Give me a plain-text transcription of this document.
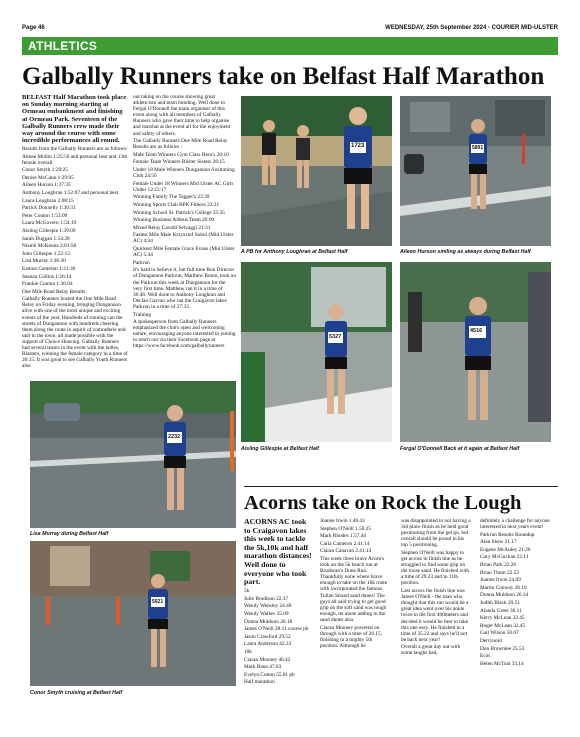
Page 46	WEDNESDAY, 25th September 2024 - COURIER MID-ULSTER
ATHLETICS
Galbally Runners take on Belfast Half Marathon

BELFAST Half Marathon took place on Sunday morning starting at Ormeau embankment and finishing at Ormeau Park. Seventeen of the Galbally Runners crew made their way around the course with some incredible performances all round.

Results from the Galbally Runners are as follows:

Aimee Mullin 1:25:59 and personal best and 13th female overall

Conor Smyth 1:29:25

Denise McCann 1:29:05

Aileen Hurson 1:37:35

Anthony Loughran 1:52:07 and personal best

Laura Loughran 2:08:15

Patrick Donnelly 1:30:31

Peter Conlon 1:53:09

Laura McGovern 1:54:19

Aisling Gillespie 1:39:09

Sarah Duggan 1:54:28

Niamh McKenna 2:01:58

John Gillespie 1:22:12

Lisa Murray 1:36:30

Eamon Cameron 1:21:30

Seanan Collins 1:26:14

Frankie Conlon 1:36:04

One Mile Road Relay Results

Galbally Runners hosted the One Mile Road Relay on Friday evening, bringing Dungannon alive with one of the most unique and exciting events of the year. Hundreds of running can the streets of Dungannon with hundreds cheering them along the route in aspirit of comraderie and unit in the town, all made possible with the support of Choice Housing. Galbally Runners had several teams in the event with the ladies, Blasters, winning the female category in a time of 26:15. It was great to see Galbally Youth Runners also

out taking on the course showing great athleticism and team bonding. Well done to Fergal O'Donnell the main organiser of this event along with all members of Galbally Runners who gave their time to help organise and marshal at the event all for the enjoyment and safety of others.

The Galbally Runners One Mile Road Relay Results are as follows :

Male Team Winners Gym Class Hero's 20:10

Female Team Winners Blister Sisters 26:15

Under 18 Male Winners Dungannon Swimming Club 24:56

Female Under 18 Winners Mid Ulster AC Girls Under 12 23:17

Winning Family The Tagger's 23:39

Winning Sports Club BPK Fitness 23:21

Winning School St. Patrick's College 25:35

Winning Business Aldous Team 26:00

Mixed Relay Cavalli Selvaggi 21:31

Fastest Mile Male Krzysztof Sobol (Mid Ulster AC) 4:34

Quickest Mile Female Grace Evans (Mid Ulster AC) 5:44

Parkrun

It's hard to believe it, but full time Run Director of Dungannon Parkrun, Matthew Braun, took on the Parkrun this week at Dungannon for the very first time. Matthew ran it in a time of 36:46. Well done to Anthony Loughran and Declan Garvan who ran the Craigavon lakes Parkrun in a time of 27:33.

Training

A spokesperson from Galbally Runners emphasized the club's open and welcoming nature, encouraging anyone interested in joining to reach out via their Facebook page at https://www.facebook.com/galballyrunners

1723
A PB for Anthony Loughran at Belfast Half
5891
Aileen Hurson smiling as always during Belfast Half
5327
Aisling Gillespie at Belfast Half
4516
Fergal O'Donnell Back at it again at Belfast Half
2232
Lisa Murray during Belfast Half
5021
Conor Smyth cruising at Belfast Half
Acorns take on Rock the Lough

ACORNS AC took to Craigavon lakes this week to tackle the 5k,10k and half marathon distances! Well done to everyone who took part.

5k

Julie Brodison 22.37

Wendy Wensley 24.40

Wendy Walker 25.09

Donna Muldoon 26.18

James O'Neill 28.11 course pb

Jason Crawford 29.52

Laura Anderson 42.33

10k

Ciaran Mooney 46.42

Mark Bann 47.03

Evelyn Cotton 55.01 pb

Half marathon

Joanne Irwin 1.46.43

Stephen O'Neill 1.50.25

Mark Rhodes 1.57.44

Carla Cameron 2.41.14

Ciaran Canavan 2.41.14

This week three brave Acorn's took on the 5k beach run at Brudoran's Dune Run. Thankfully none where brave enough to take on the 10k route with incorporated the famous Tullan Strand sand dunes! The guys all said trying to get good grip on the soft sand was tough enough, let alone adding in the sand dunes also.

Ciaran Mooney powered on through with a time of 26.15, finishing in a mighty 5th position. Although he

was disappointed in not having a 3rd place finish as he held good positioning from the get go, but overall should be proud in his top 5 positioning.

Stephen O'Neill was happy to get across in finish line as he struggled to find some grip on the loose sand. He finished with a time of 29.23 and in 11th position.

Last across the finish line was James O'Neill - the man who thought that this run would be a great idea went over his ankle twice in the first 400meters and decided it would be best to take this one easy. He finished in a time of 35.22 and says he'll not be back next year!

Overall a great day out with some laughs had,

definitely a challenge for anyone interested in next years event!

Parkrun Results Roundup

Alan Shaw 21.17

Eugene McAuley 21.20

Gary McGuckan 22.11

Brian Park 22.26

Brian Thom 22.53

Joanne Irwin 24.09

Martin Conway 26.10

Donna Muldoon 26.34

Judith Black 29.51

Alanda Greer 30.11

Kerry McLean 32.45

Roger McLean 32.45

Gail Wilson 50.07

Derrynoid

Don Brownlee 25.53

Ecos

Helen McToal 33.14
